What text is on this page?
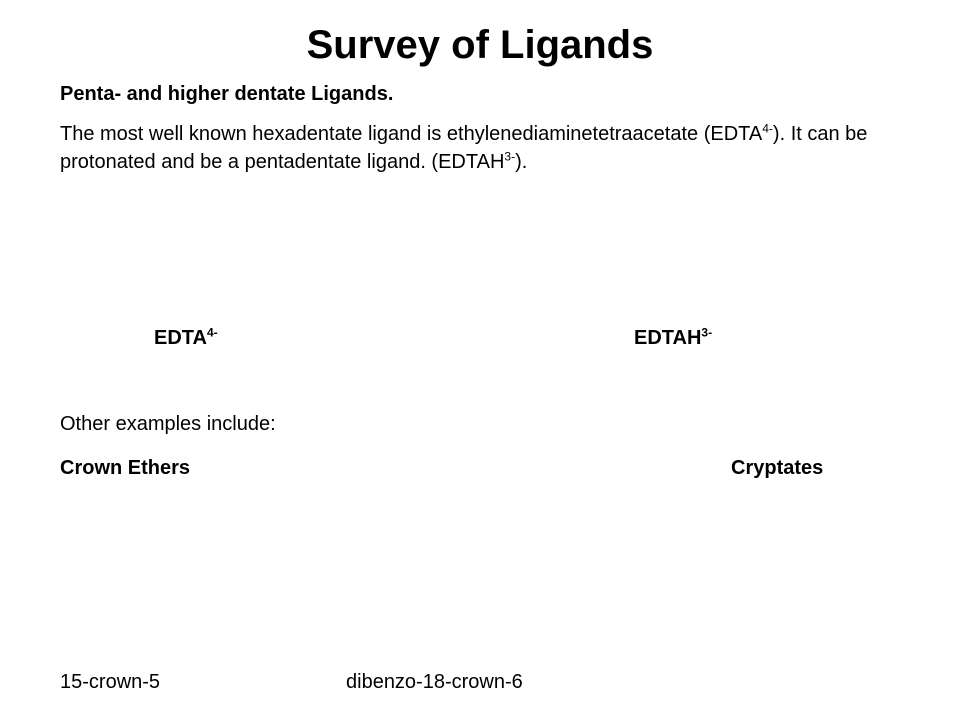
Survey of Ligands

Penta- and higher dentate Ligands.

The most well known hexadentate ligand is ethylenediaminetetraacetate $(EDTA^{4-})$. It can be protonated and be a pentadentate ligand. $(EDTAH^{3-})$.

$EDTA^{4-}$	$EDTAH^{3-}$

Other examples include:

Crown Ethers	Cryptates

15-crown-5	dibenzo-18-crown-6
